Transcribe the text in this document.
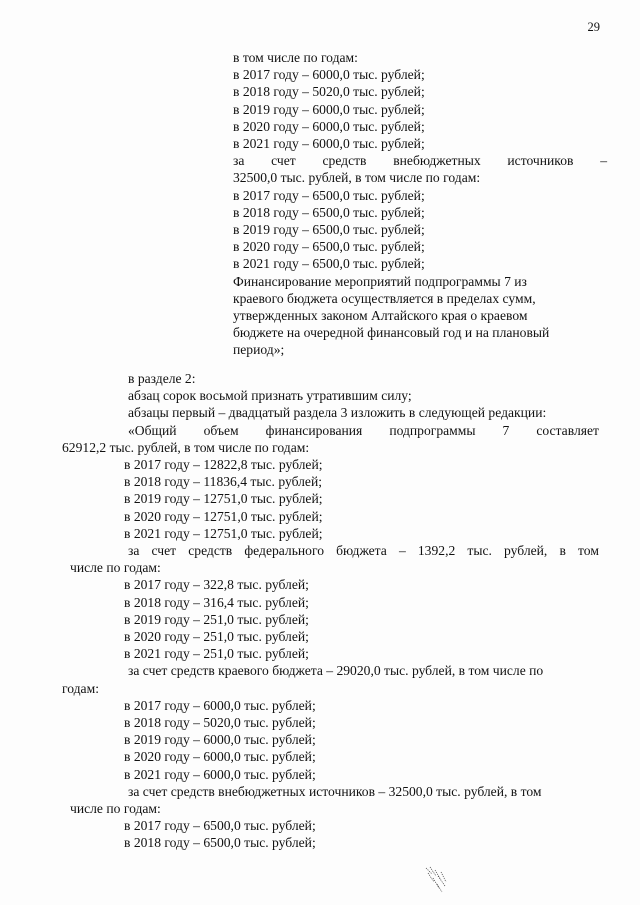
29
в том числе по годам:
в 2017 году – 6000,0 тыс. рублей;
в 2018 году – 5020,0 тыс. рублей;
в 2019 году – 6000,0 тыс. рублей;
в 2020 году – 6000,0 тыс. рублей;
в 2021 году – 6000,0 тыс. рублей;
за счет средств внебюджетных источников –
32500,0 тыс. рублей, в том числе по годам:
в 2017 году – 6500,0 тыс. рублей;
в 2018 году – 6500,0 тыс. рублей;
в 2019 году – 6500,0 тыс. рублей;
в 2020 году – 6500,0 тыс. рублей;
в 2021 году – 6500,0 тыс. рублей;
Финансирование мероприятий подпрограммы 7 из
краевого бюджета осуществляется в пределах сумм,
утвержденных законом Алтайского края о краевом
бюджете на очередной финансовый год и на плановый
период»;
в разделе 2:
абзац сорок восьмой признать утратившим силу;
абзацы первый – двадцатый раздела 3 изложить в следующей редакции:
«Общий объем финансирования подпрограммы 7 составляет
62912,2 тыс. рублей, в том числе по годам:
в 2017 году – 12822,8 тыс. рублей;
в 2018 году – 11836,4 тыс. рублей;
в 2019 году – 12751,0 тыс. рублей;
в 2020 году – 12751,0 тыс. рублей;
в 2021 году – 12751,0 тыс. рублей;
за счет средств федерального бюджета – 1392,2 тыс. рублей, в том
числе по годам:
в 2017 году – 322,8 тыс. рублей;
в 2018 году – 316,4 тыс. рублей;
в 2019 году – 251,0 тыс. рублей;
в 2020 году – 251,0 тыс. рублей;
в 2021 году – 251,0 тыс. рублей;
за счет средств краевого бюджета – 29020,0 тыс. рублей, в том числе по
годам:
в 2017 году – 6000,0 тыс. рублей;
в 2018 году – 5020,0 тыс. рублей;
в 2019 году – 6000,0 тыс. рублей;
в 2020 году – 6000,0 тыс. рублей;
в 2021 году – 6000,0 тыс. рублей;
за счет средств внебюджетных источников – 32500,0 тыс. рублей, в том
числе по годам:
в 2017 году – 6500,0 тыс. рублей;
в 2018 году – 6500,0 тыс. рублей;
